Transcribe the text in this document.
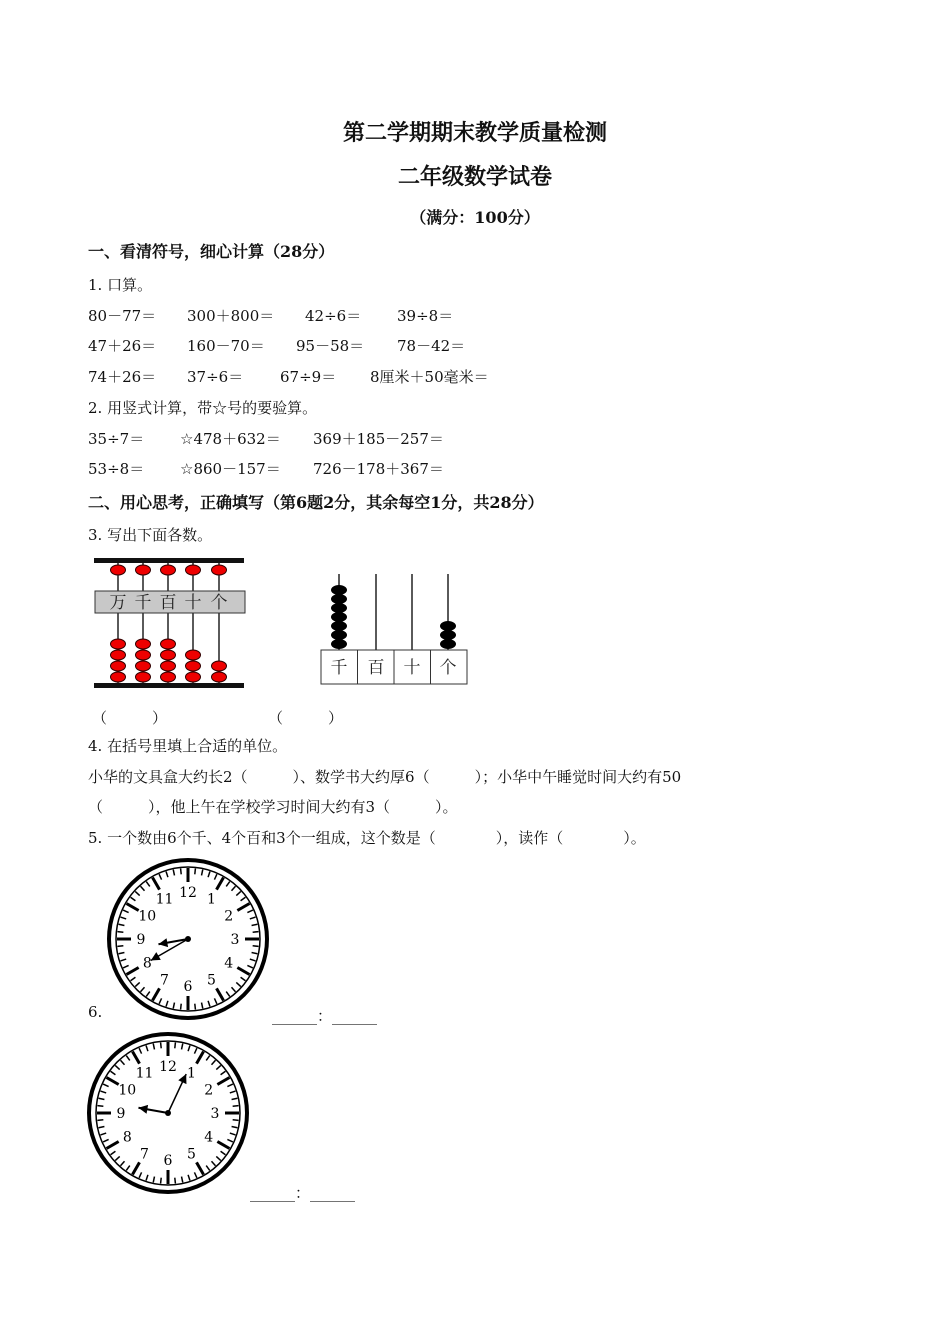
第二学期期末教学质量检测
二年级数学试卷
（满分：100分）
一、看清符号，细心计算（28分）
1. 口算。
80－77＝ 300＋800＝ 42÷6＝ 39÷8＝
47＋26＝ 160－70＝ 95－58＝ 78－42＝
74＋26＝ 37÷6＝ 67÷9＝ 8厘米＋50毫米＝
2. 用竖式计算，带☆号的要验算。
35÷7＝ ☆478＋632＝ 369＋185－257＝
53÷8＝ ☆860－157＝ 726－178＋367＝
二、用心思考，正确填写（第6题2分，其余每空1分，共28分）
3. 写出下面各数。
万 千 百 十 个
千 百 十 个
（　　　）	（　　　）
4. 在括号里填上合适的单位。
小华的文具盒大约长2（　　　）、数学书大约厚6（　　　）；小华中午睡觉时间大约有50
（　　　），他上午在学校学习时间大约有3（　　　）。
5. 一个数由6个千、4个百和3个一组成，这个数是（　　　　），读作（　　　　）。
12 1
2
3
4
5
6
7
8
9
10
11
6.	______：______
12 1
2
3
4
5
6
7
8
9
10
11
______：______
